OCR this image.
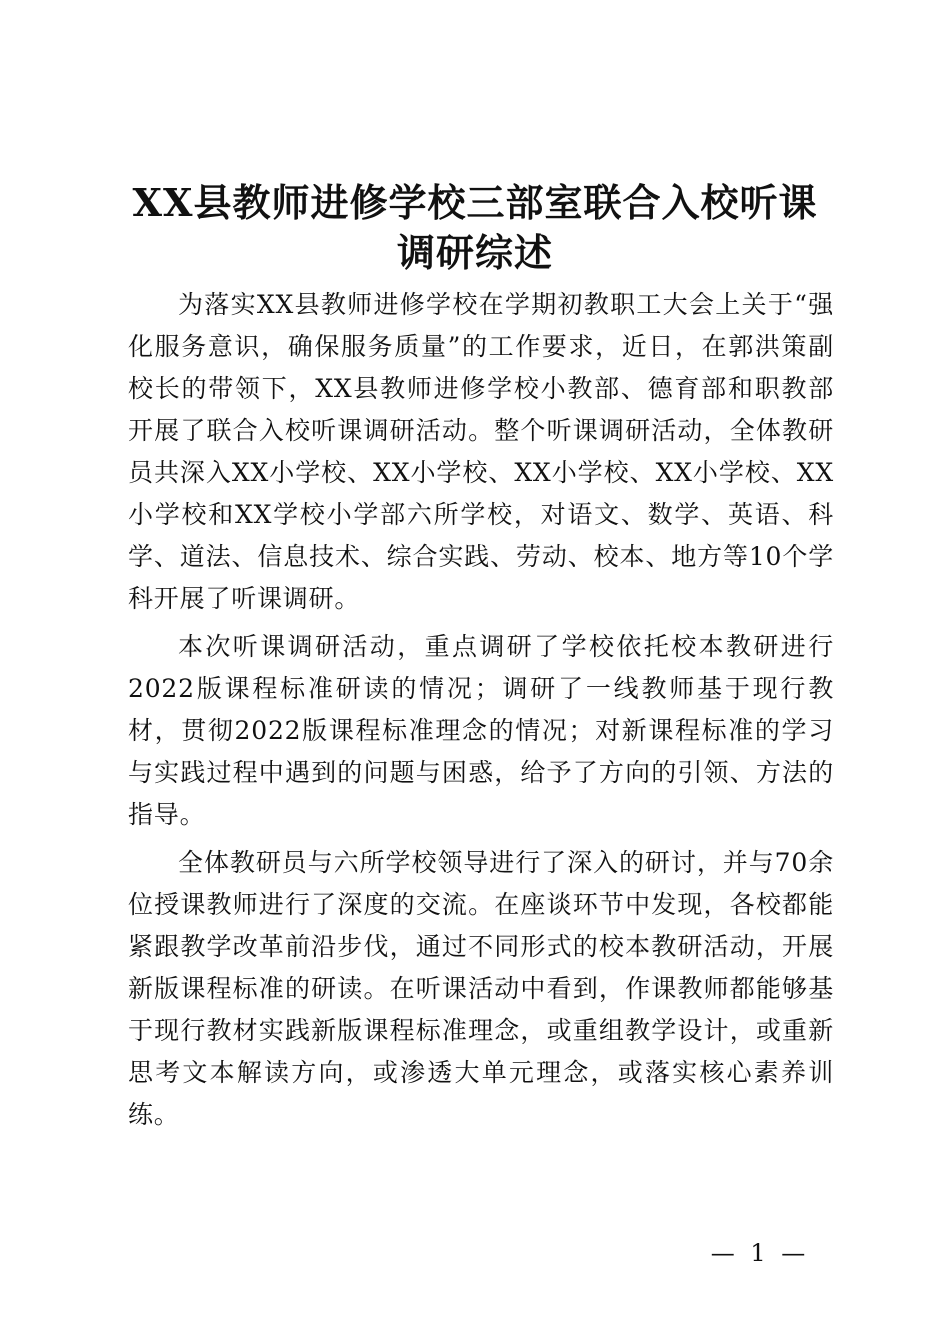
XX县教师进修学校三部室联合入校听课调研综述

为落实XX县教师进修学校在学期初教职工大会上关于“强化服务意识，确保服务质量”的工作要求，近日，在郭洪策副校长的带领下，XX县教师进修学校小教部、德育部和职教部开展了联合入校听课调研活动。整个听课调研活动，全体教研员共深入XX小学校、XX小学校、XX小学校、XX小学校、XX小学校和XX学校小学部六所学校，对语文、数学、英语、科学、道法、信息技术、综合实践、劳动、校本、地方等10个学科开展了听课调研。

本次听课调研活动，重点调研了学校依托校本教研进行2022版课程标准研读的情况；调研了一线教师基于现行教材，贯彻2022版课程标准理念的情况；对新课程标准的学习与实践过程中遇到的问题与困惑，给予了方向的引领、方法的指导。

全体教研员与六所学校领导进行了深入的研讨，并与70余位授课教师进行了深度的交流。在座谈环节中发现，各校都能紧跟教学改革前沿步伐，通过不同形式的校本教研活动，开展新版课程标准的研读。在听课活动中看到，作课教师都能够基于现行教材实践新版课程标准理念，或重组教学设计，或重新思考文本解读方向，或渗透大单元理念，或落实核心素养训练。

— 1 —
